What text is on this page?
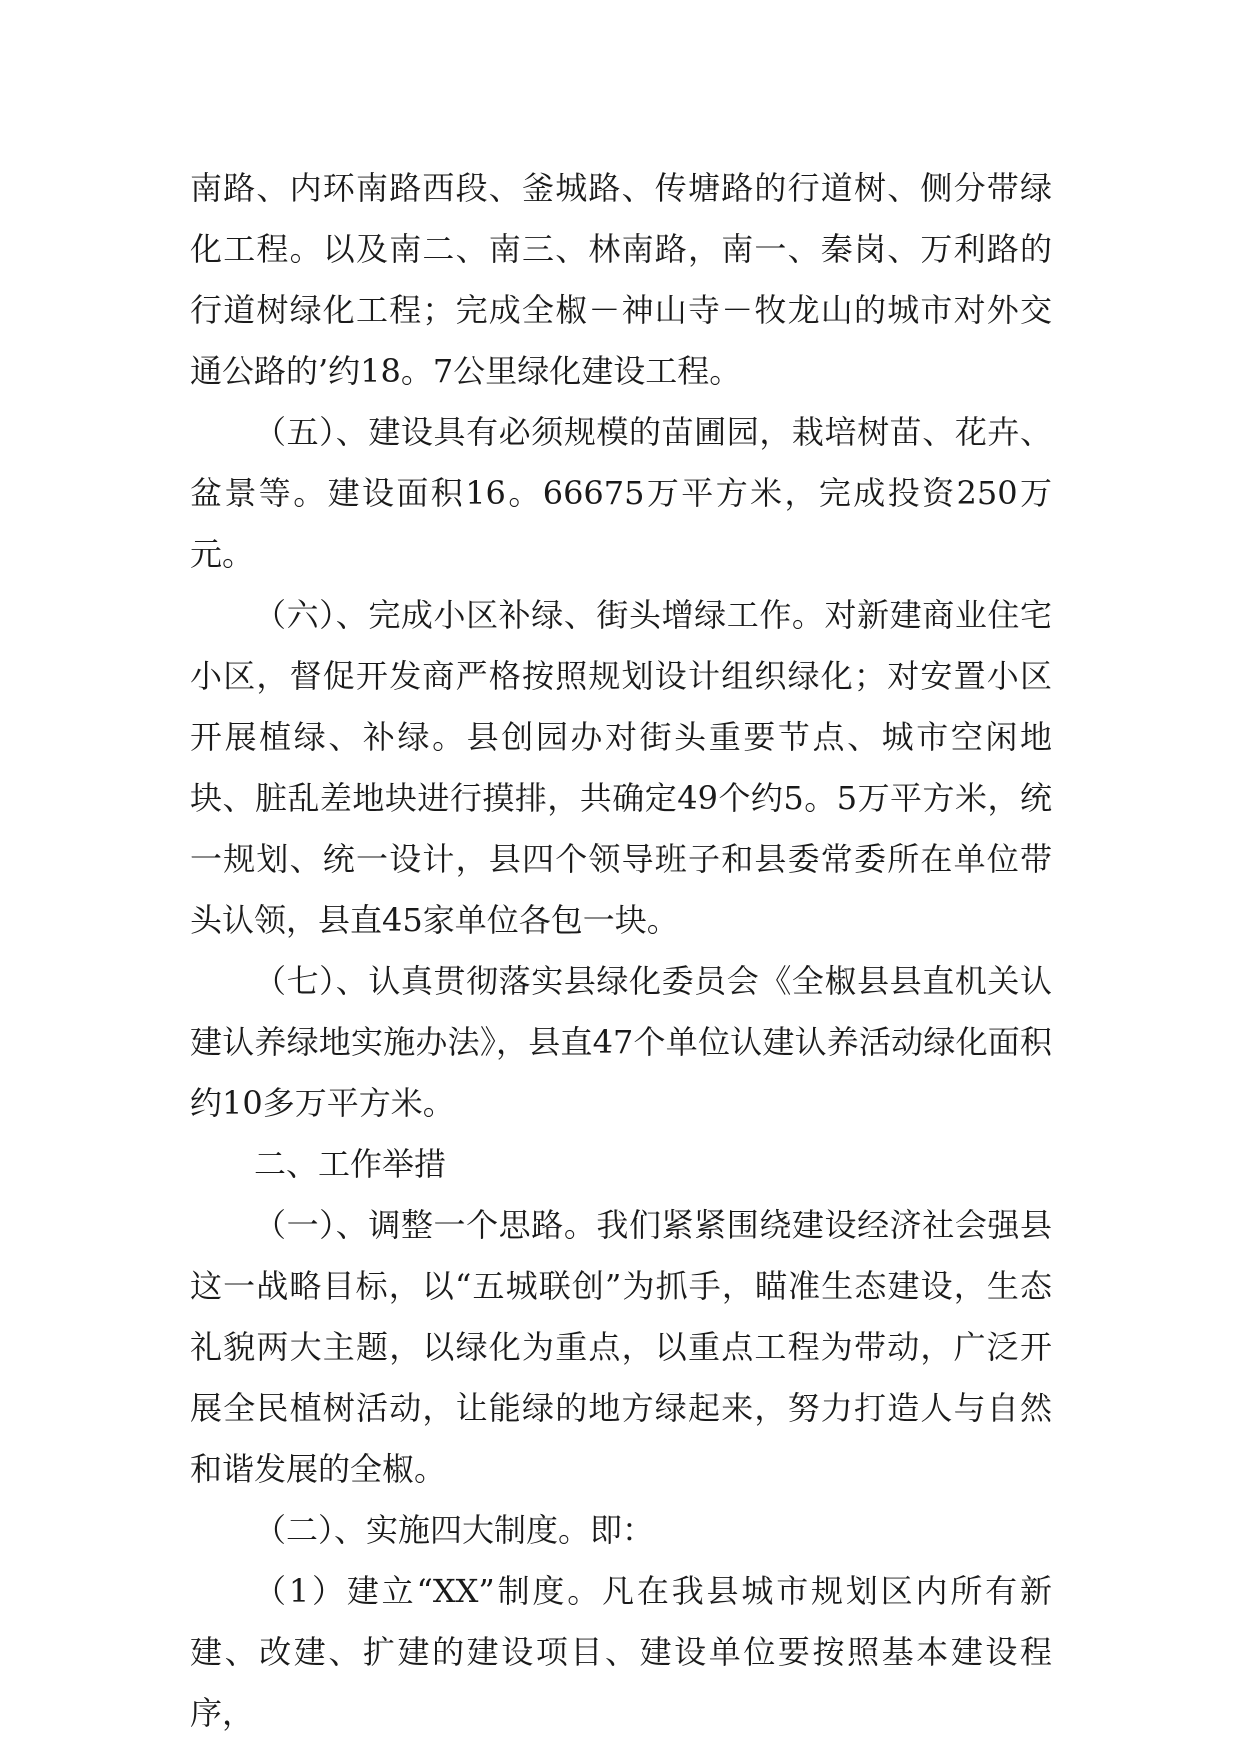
南路、内环南路西段、釜城路、传塘路的行道树、侧分带绿化工程。以及南二、南三、林南路，南一、秦岗、万利路的行道树绿化工程；完成全椒－神山寺－牧龙山的城市对外交通公路的’约18。7公里绿化建设工程。

（五）、建设具有必须规模的苗圃园，栽培树苗、花卉、盆景等。建设面积16。66675万平方米，完成投资250万元。

（六）、完成小区补绿、街头增绿工作。对新建商业住宅小区，督促开发商严格按照规划设计组织绿化；对安置小区开展植绿、补绿。县创园办对街头重要节点、城市空闲地块、脏乱差地块进行摸排，共确定49个约5。5万平方米，统一规划、统一设计，县四个领导班子和县委常委所在单位带头认领，县直45家单位各包一块。

（七）、认真贯彻落实县绿化委员会《全椒县县直机关认建认养绿地实施办法》，县直47个单位认建认养活动绿化面积约10多万平方米。

二、工作举措

（一）、调整一个思路。我们紧紧围绕建设经济社会强县这一战略目标，以“五城联创”为抓手，瞄准生态建设，生态礼貌两大主题，以绿化为重点，以重点工程为带动，广泛开展全民植树活动，让能绿的地方绿起来，努力打造人与自然和谐发展的全椒。

（二）、实施四大制度。即：

（1）建立“XX”制度。凡在我县城市规划区内所有新建、改建、扩建的建设项目、建设单位要按照基本建设程序，
